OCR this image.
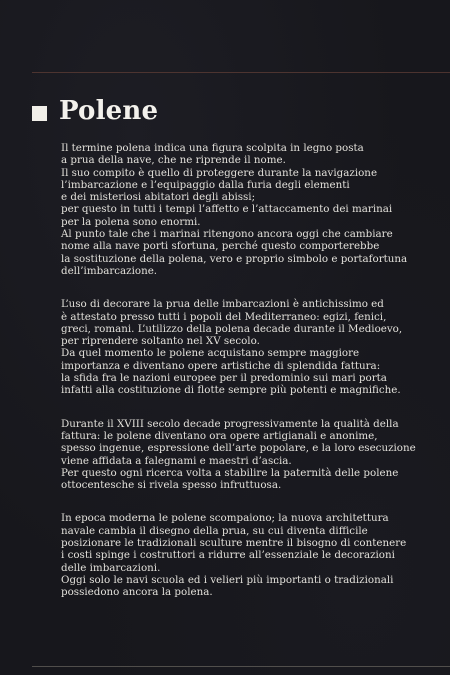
Polene

Il termine polena indica una figura scolpita in legno posta
a prua della nave, che ne riprende il nome.
Il suo compito è quello di proteggere durante la navigazione
l’imbarcazione e l’equipaggio dalla furia degli elementi
e dei misteriosi abitatori degli abissi;
per questo in tutti i tempi l’affetto e l’attaccamento dei marinai
per la polena sono enormi.
Al punto tale che i marinai ritengono ancora oggi che cambiare
nome alla nave porti sfortuna, perché questo comporterebbe
la sostituzione della polena, vero e proprio simbolo e portafortuna
dell’imbarcazione.

L’uso di decorare la prua delle imbarcazioni è antichissimo ed
è attestato presso tutti i popoli del Mediterraneo: egizi, fenici,
greci, romani. L’utilizzo della polena decade durante il Medioevo,
per riprendere soltanto nel XV secolo.
Da quel momento le polene acquistano sempre maggiore
importanza e diventano opere artistiche di splendida fattura:
la sfida fra le nazioni europee per il predominio sui mari porta
infatti alla costituzione di flotte sempre più potenti e magnifiche.

Durante il XVIII secolo decade progressivamente la qualità della
fattura: le polene diventano ora opere artigianali e anonime,
spesso ingenue, espressione dell’arte popolare, e la loro esecuzione
viene affidata a falegnami e maestri d’ascia.
Per questo ogni ricerca volta a stabilire la paternità delle polene
ottocentesche si rivela spesso infruttuosa.

In epoca moderna le polene scompaiono; la nuova architettura
navale cambia il disegno della prua, su cui diventa difficile
posizionare le tradizionali sculture mentre il bisogno di contenere
i costi spinge i costruttori a ridurre all’essenziale le decorazioni
delle imbarcazioni.
Oggi solo le navi scuola ed i velieri più importanti o tradizionali
possiedono ancora la polena.
